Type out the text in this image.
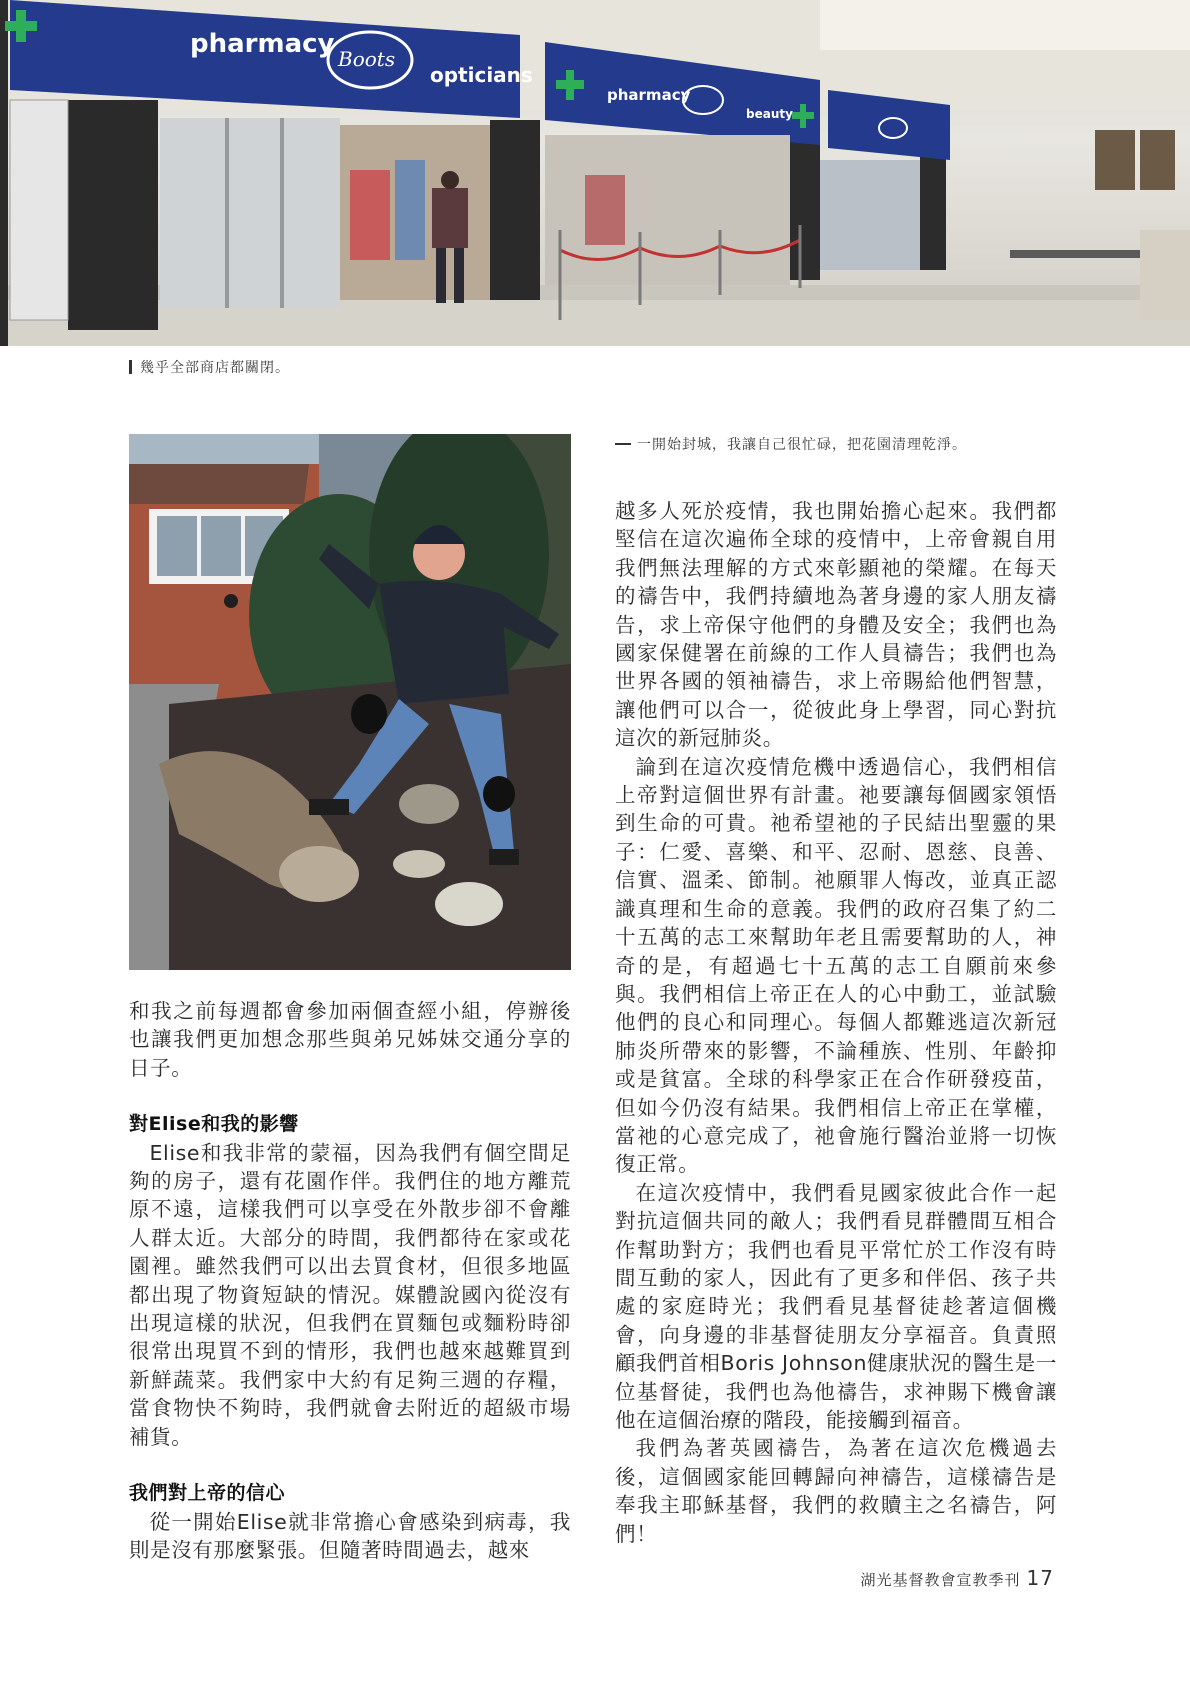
pharmacy Boots
opticians
pharmacy
beauty
幾乎全部商店都關閉。
一開始封城，我讓自己很忙碌，把花園清理乾淨。

和我之前每週都會參加兩個查經小組，停辦後也讓我們更加想念那些與弟兄姊妹交通分享的日子。

對Elise和我的影響

Elise和我非常的蒙福，因為我們有個空間足夠的房子，還有花園作伴。我們住的地方離荒原不遠，這樣我們可以享受在外散步卻不會離人群太近。大部分的時間，我們都待在家或花園裡。雖然我們可以出去買食材，但很多地區都出現了物資短缺的情況。媒體說國內從沒有出現這樣的狀況，但我們在買麵包或麵粉時卻很常出現買不到的情形，我們也越來越難買到新鮮蔬菜。我們家中大約有足夠三週的存糧，當食物快不夠時，我們就會去附近的超級市場補貨。

我們對上帝的信心

從一開始Elise就非常擔心會感染到病毒，我則是沒有那麼緊張。但隨著時間過去，越來

越多人死於疫情，我也開始擔心起來。我們都堅信在這次遍佈全球的疫情中，上帝會親自用我們無法理解的方式來彰顯祂的榮耀。在每天的禱告中，我們持續地為著身邊的家人朋友禱告，求上帝保守他們的身體及安全；我們也為國家保健署在前線的工作人員禱告；我們也為世界各國的領袖禱告，求上帝賜給他們智慧，讓他們可以合一，從彼此身上學習，同心對抗這次的新冠肺炎。

論到在這次疫情危機中透過信心，我們相信上帝對這個世界有計畫。祂要讓每個國家領悟到生命的可貴。祂希望祂的子民結出聖靈的果子：仁愛、喜樂、和平、忍耐、恩慈、良善、信實、溫柔、節制。祂願罪人悔改，並真正認識真理和生命的意義。我們的政府召集了約二十五萬的志工來幫助年老且需要幫助的人，神奇的是，有超過七十五萬的志工自願前來參與。我們相信上帝正在人的心中動工，並試驗他們的良心和同理心。每個人都難逃這次新冠肺炎所帶來的影響，不論種族、性別、年齡抑或是貧富。全球的科學家正在合作研發疫苗，但如今仍沒有結果。我們相信上帝正在掌權，當祂的心意完成了，祂會施行醫治並將一切恢復正常。

在這次疫情中，我們看見國家彼此合作一起對抗這個共同的敵人；我們看見群體間互相合作幫助對方；我們也看見平常忙於工作沒有時間互動的家人，因此有了更多和伴侶、孩子共處的家庭時光；我們看見基督徒趁著這個機會，向身邊的非基督徒朋友分享福音。負責照顧我們首相Boris Johnson健康狀況的醫生是一位基督徒，我們也為他禱告，求神賜下機會讓他在這個治療的階段，能接觸到福音。

我們為著英國禱告，為著在這次危機過去後，這個國家能回轉歸向神禱告，這樣禱告是奉我主耶穌基督，我們的救贖主之名禱告，阿們！

湖光基督教會宣教季刊 17
